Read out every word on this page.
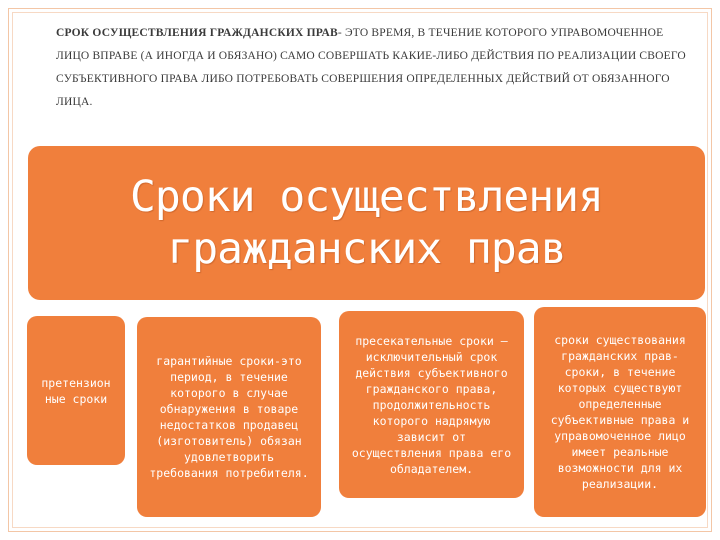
СРОК ОСУЩЕСТВЛЕНИЯ ГРАЖДАНСКИХ ПРАВ- ЭТО ВРЕМЯ, В ТЕЧЕНИЕ КОТОРОГО УПРАВОМОЧЕННОЕ ЛИЦО ВПРАВЕ (А ИНОГДА И ОБЯЗАНО) САМО СОВЕРШАТЬ КАКИЕ-ЛИБО ДЕЙСТВИЯ ПО РЕАЛИЗАЦИИ СВОЕГО СУБЪЕКТИВНОГО ПРАВА ЛИБО ПОТРЕБОВАТЬ СОВЕРШЕНИЯ ОПРЕДЕЛЕННЫХ ДЕЙСТВИЙ ОТ ОБЯЗАННОГО ЛИЦА.
Сроки осуществления
гражданских прав
претензион ные сроки
гарантийные сроки-это период, в течение которого в случае обнаружения в товаре недостатков продавец (изготовитель) обязан удовлетворить требования потребителя.
пресекательные сроки – исключительный срок действия субъективного гражданского права, продолжительность которого надрямую зависит от осуществления права его обладателем.
сроки существования гражданских прав- сроки, в течение которых существуют определенные субъективные права и управомоченное лицо имеет реальные возможности для их реализации.
